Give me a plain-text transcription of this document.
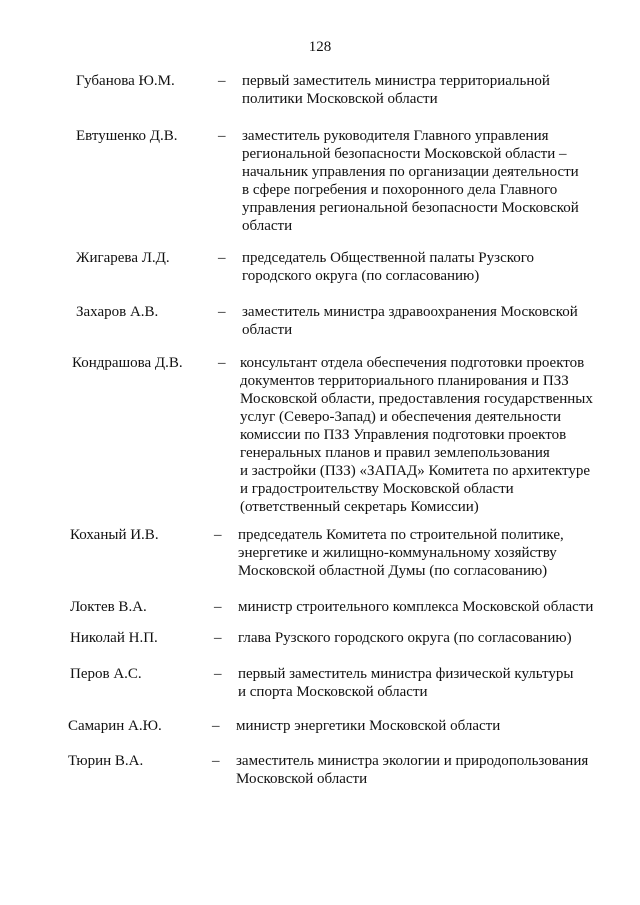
128
Губанова Ю.М.	– первый заместитель министра территориальной
политики Московской области
Евтушенко Д.В.	– заместитель руководителя Главного управления
региональной безопасности Московской области –
начальник управления по организации деятельности
в сфере погребения и похоронного дела Главного
управления региональной безопасности Московской
области
Жигарева Л.Д.	– председатель Общественной палаты Рузского
городского округа (по согласованию)
Захаров А.В.	– заместитель министра здравоохранения Московской
области
Кондрашова Д.В. – консультант отдела обеспечения подготовки проектов
документов территориального планирования и ПЗЗ
Московской области, предоставления государственных
услуг (Северо-Запад) и обеспечения деятельности
комиссии по ПЗЗ Управления подготовки проектов
генеральных планов и правил землепользования
и застройки (ПЗЗ) «ЗАПАД» Комитета по архитектуре
и градостроительству Московской области
(ответственный секретарь Комиссии)
Коханый И.В.	– председатель Комитета по строительной политике,
энергетике и жилищно-коммунальному хозяйству
Московской областной Думы (по согласованию)
Локтев В.А.	– министр строительного комплекса Московской области
Николай Н.П.	– глава Рузского городского округа (по согласованию)
Перов А.С.	– первый заместитель министра физической культуры
и спорта Московской области
Самарин А.Ю.	– министр энергетики Московской области
Тюрин В.А.	– заместитель министра экологии и природопользования
Московской области
